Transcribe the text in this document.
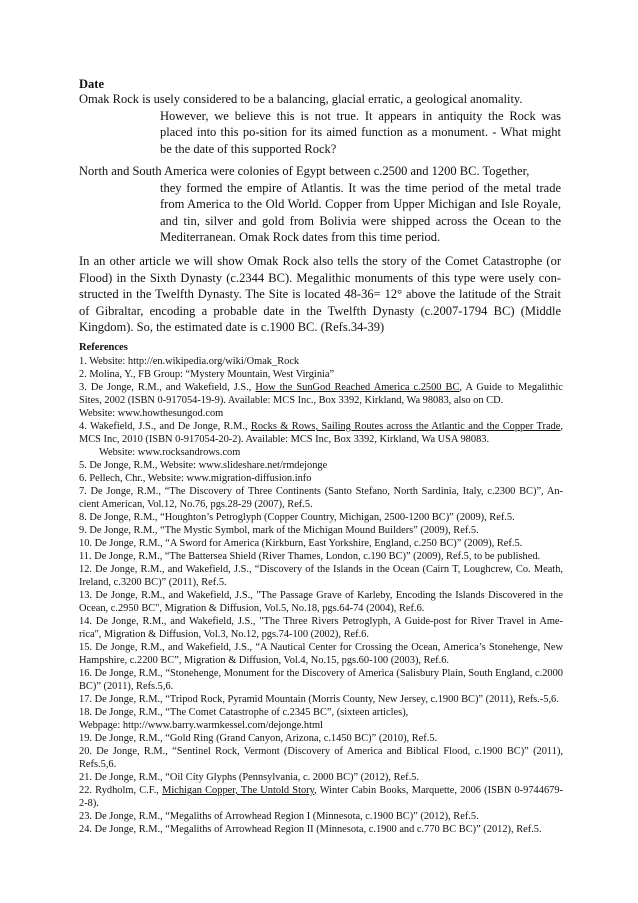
Date

Omak Rock is usely considered to be a balancing, glacial erratic, a geological anomality.
However, we believe this is not true. It appears in antiquity the Rock was placed into this po-sition for its aimed function as a monument. - What might be the date of this supported Rock?

North and South America were colonies of Egypt between c.2500 and 1200 BC. Together,
they formed the empire of Atlantis. It was the time period of the metal trade from America to the Old World. Copper from Upper Michigan and Isle Royale, and tin, silver and gold from Bolivia were shipped across the Ocean to the Mediterranean. Omak Rock dates from this time period.

In an other article we will show Omak Rock also tells the story of the Comet Catastrophe (or Flood) in the Sixth Dynasty (c.2344 BC). Megalithic monuments of this type were usely con-structed in the Twelfth Dynasty. The Site is located 48-36= 12° above the latitude of the Strait of Gibraltar, encoding a probable date in the Twelfth Dynasty (c.2007-1794 BC) (Middle Kingdom). So, the estimated date is c.1900 BC. (Refs.34-39)

References
1. Website: http://en.wikipedia.org/wiki/Omak_Rock
2. Molina, Y., FB Group: “Mystery Mountain, West Virginia”
3. De Jonge, R.M., and Wakefield, J.S., How the SunGod Reached America c.2500 BC, A Guide to Megalithic Sites, 2002 (ISBN 0-917054-19-9). Available: MCS Inc., Box 3392, Kirkland, Wa 98083, also on CD.
Website: www.howthesungod.com
4. Wakefield, J.S., and De Jonge, R.M., Rocks & Rows, Sailing Routes across the Atlantic and the Copper Trade, MCS Inc, 2010 (ISBN 0-917054-20-2). Available: MCS Inc, Box 3392, Kirkland, Wa USA 98083.
Website: www.rocksandrows.com
5. De Jonge, R.M., Website: www.slideshare.net/rmdejonge
6. Pellech, Chr., Website: www.migration-diffusion.info
7. De Jonge, R.M., “The Discovery of Three Continents (Santo Stefano, North Sardinia, Italy, c.2300 BC)”, An-cient American, Vol.12, No.76, pgs.28-29 (2007), Ref.5.
8. De Jonge, R.M., “Houghton’s Petroglyph (Copper Country, Michigan, 2500-1200 BC)” (2009), Ref.5.
9. De Jonge, R.M., “The Mystic Symbol, mark of the Michigan Mound Builders” (2009), Ref.5.
10. De Jonge, R.M., “A Sword for America (Kirkburn, East Yorkshire, England, c.250 BC)” (2009), Ref.5.
11. De Jonge, R.M., “The Battersea Shield (River Thames, London, c.190 BC)” (2009), Ref.5, to be published.
12. De Jonge, R.M., and Wakefield, J.S., “Discovery of the Islands in the Ocean (Cairn T, Loughcrew, Co. Meath, Ireland, c.3200 BC)” (2011), Ref.5.
13. De Jonge, R.M., and Wakefield, J.S., "The Passage Grave of Karleby, Encoding the Islands Discovered in the Ocean, c.2950 BC", Migration & Diffusion, Vol.5, No.18, pgs.64-74 (2004), Ref.6.
14. De Jonge, R.M., and Wakefield, J.S., "The Three Rivers Petroglyph, A Guide-post for River Travel in Ame-rica", Migration & Diffusion, Vol.3, No.12, pgs.74-100 (2002), Ref.6.
15. De Jonge, R.M., and Wakefield, J.S., “A Nautical Center for Crossing the Ocean, America’s Stonehenge, New Hampshire, c.2200 BC”, Migration & Diffusion, Vol.4, No.15, pgs.60-100 (2003), Ref.6.
16. De Jonge, R.M., “Stonehenge, Monument for the Discovery of America (Salisbury Plain, South England, c.2000 BC)” (2011), Refs.5,6.
17. De Jonge, R.M., “Tripod Rock, Pyramid Mountain (Morris County, New Jersey, c.1900 BC)” (2011), Refs.-5,6.
18. De Jonge, R.M., “The Comet Catastrophe of c.2345 BC”, (sixteen articles),
Webpage: http://www.barry.warmkessel.com/dejonge.html
19. De Jonge, R.M., “Gold Ring (Grand Canyon, Arizona, c.1450 BC)” (2010), Ref.5.
20. De Jonge, R.M., “Sentinel Rock, Vermont (Discovery of America and Biblical Flood, c.1900 BC)” (2011), Refs.5,6.
21. De Jonge, R.M., “Oil City Glyphs (Pennsylvania, c. 2000 BC)” (2012), Ref.5.
22. Rydholm, C.F., Michigan Copper, The Untold Story, Winter Cabin Books, Marquette, 2006 (ISBN 0-9744679-2-8).
23. De Jonge, R.M., “Megaliths of Arrowhead Region I (Minnesota, c.1900 BC)” (2012), Ref.5.
24. De Jonge, R.M., “Megaliths of Arrowhead Region II (Minnesota, c.1900 and c.770 BC BC)” (2012), Ref.5.
